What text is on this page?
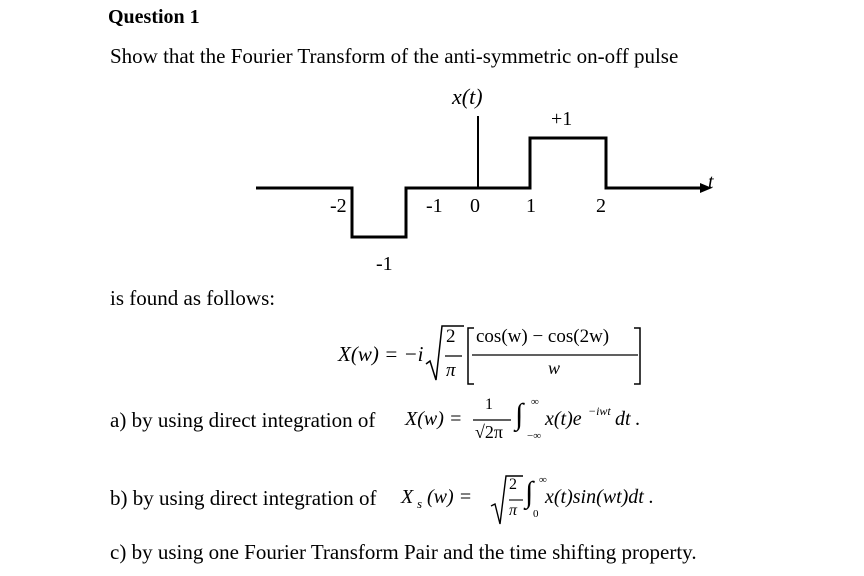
Question 1
Show that the Fourier Transform of the anti-symmetric on-off pulse
x(t)
t
+1
-1
-2	-1 0 1	2
is found as follows:
X(w) = −i
2
π
cos(w) − cos(2w)
w
a) by using direct integration of X(w) =
1
√2π
∫ ∞
−∞
x(t)e −iwt dt .
b) by using direct integration of X s (w) =
2
π
∫ ∞
0
x(t)sin(wt)dt .
c) by using one Fourier Transform Pair and the time shifting property.
